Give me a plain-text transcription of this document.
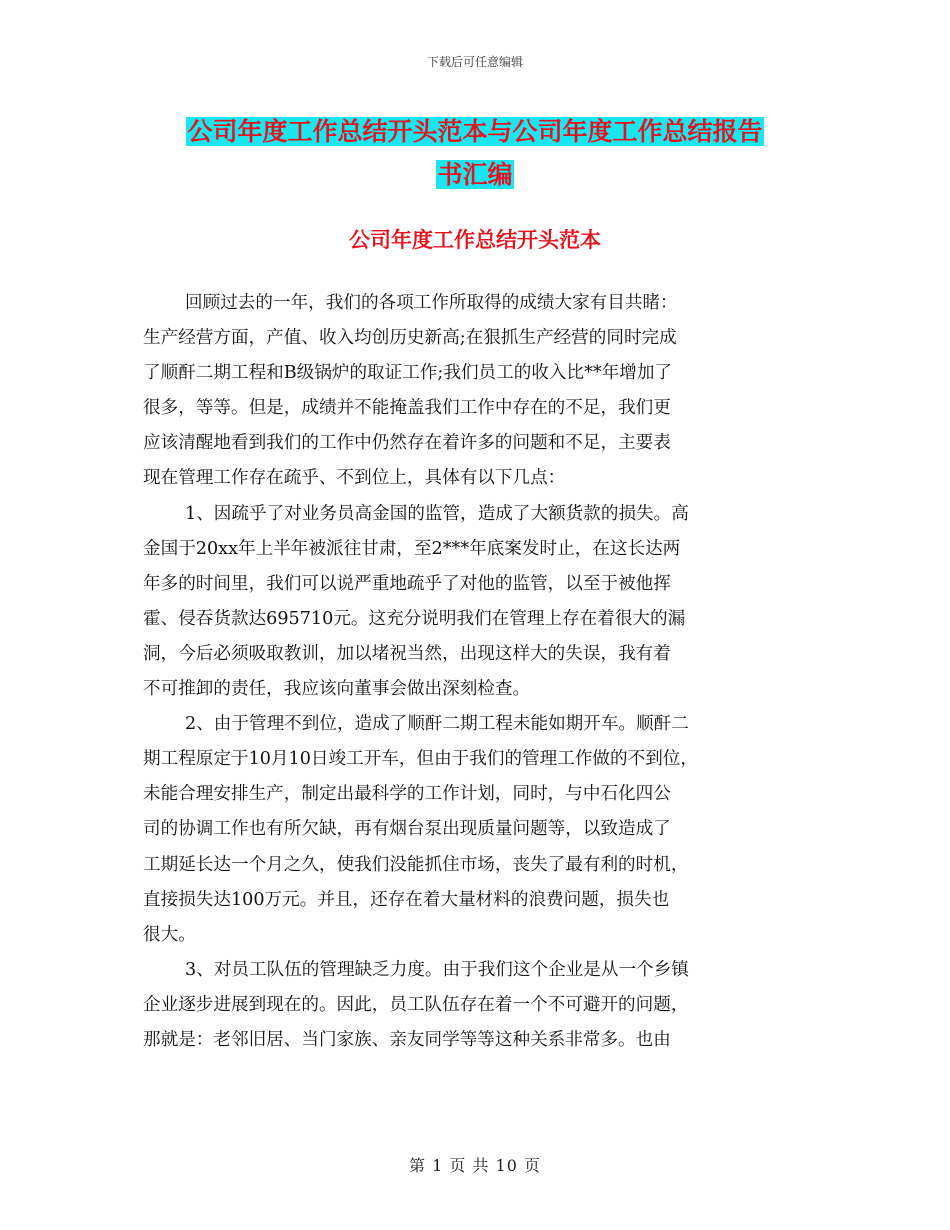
下载后可任意编辑
公司年度工作总结开头范本与公司年度工作总结报告
书汇编
公司年度工作总结开头范本

回顾过去的一年，我们的各项工作所取得的成绩大家有目共睹：
生产经营方面，产值、收入均创历史新高;在狠抓生产经营的同时完成
了顺酐二期工程和B级锅炉的取证工作;我们员工的收入比**年增加了
很多，等等。但是，成绩并不能掩盖我们工作中存在的不足，我们更
应该清醒地看到我们的工作中仍然存在着许多的问题和不足，主要表
现在管理工作存在疏乎、不到位上，具体有以下几点：

1、因疏乎了对业务员高金国的监管，造成了大额货款的损失。高
金国于20xx年上半年被派往甘肃，至2***年底案发时止，在这长达两
年多的时间里，我们可以说严重地疏乎了对他的监管，以至于被他挥
霍、侵吞货款达695710元。这充分说明我们在管理上存在着很大的漏
洞，今后必须吸取教训，加以堵祝当然，出现这样大的失误，我有着
不可推卸的责任，我应该向董事会做出深刻检查。

2、由于管理不到位，造成了顺酐二期工程未能如期开车。顺酐二
期工程原定于10月10日竣工开车，但由于我们的管理工作做的不到位，
未能合理安排生产，制定出最科学的工作计划，同时，与中石化四公
司的协调工作也有所欠缺，再有烟台泵出现质量问题等，以致造成了
工期延长达一个月之久，使我们没能抓住市场，丧失了最有利的时机，
直接损失达100万元。并且，还存在着大量材料的浪费问题，损失也
很大。

3、对员工队伍的管理缺乏力度。由于我们这个企业是从一个乡镇
企业逐步进展到现在的。因此，员工队伍存在着一个不可避开的问题，
那就是：老邻旧居、当门家族、亲友同学等等这种关系非常多。也由

第 1 页 共 10 页
